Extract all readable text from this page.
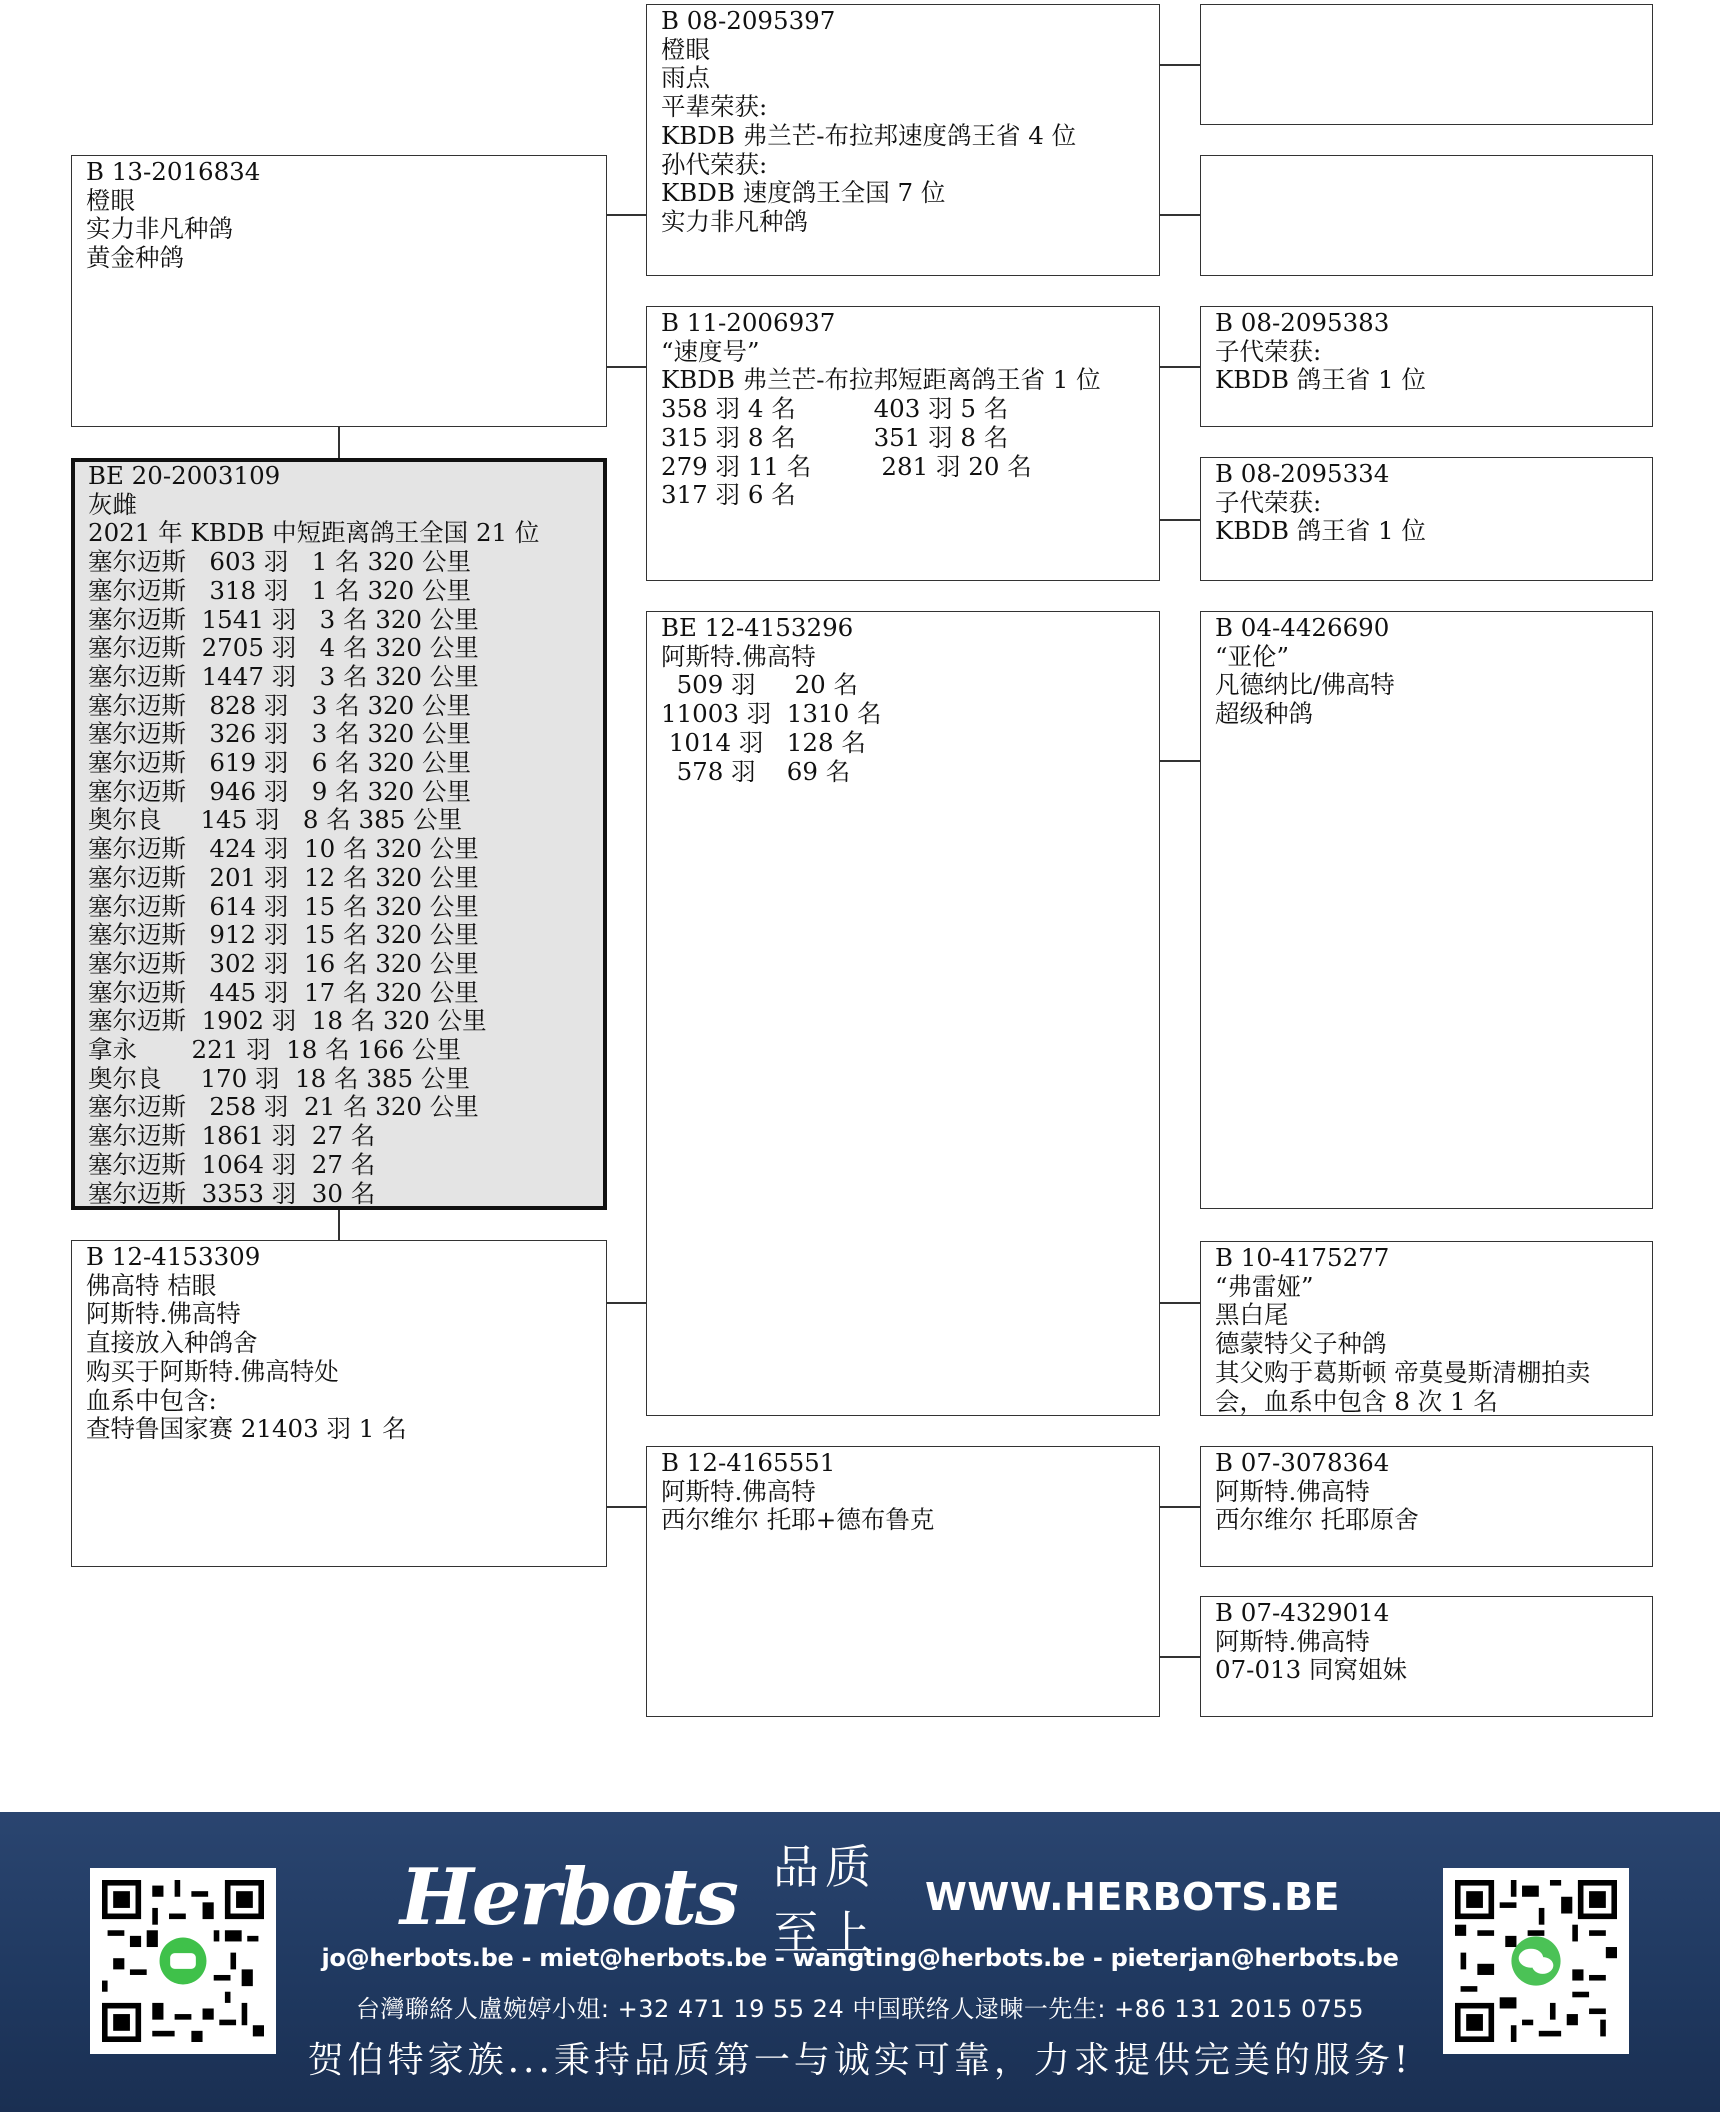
B 13-2016834
橙眼
实力非凡种鸽
黄金种鸽
BE 20-2003109
灰雌
2021 年 KBDB 中短距离鸽王全国 21 位
塞尔迈斯   603 羽   1 名 320 公里
塞尔迈斯   318 羽   1 名 320 公里
塞尔迈斯  1541 羽   3 名 320 公里
塞尔迈斯  2705 羽   4 名 320 公里
塞尔迈斯  1447 羽   3 名 320 公里
塞尔迈斯   828 羽   3 名 320 公里
塞尔迈斯   326 羽   3 名 320 公里
塞尔迈斯   619 羽   6 名 320 公里
塞尔迈斯   946 羽   9 名 320 公里
奥尔良     145 羽   8 名 385 公里
塞尔迈斯   424 羽  10 名 320 公里
塞尔迈斯   201 羽  12 名 320 公里
塞尔迈斯   614 羽  15 名 320 公里
塞尔迈斯   912 羽  15 名 320 公里
塞尔迈斯   302 羽  16 名 320 公里
塞尔迈斯   445 羽  17 名 320 公里
塞尔迈斯  1902 羽  18 名 320 公里
拿永       221 羽  18 名 166 公里
奥尔良     170 羽  18 名 385 公里
塞尔迈斯   258 羽  21 名 320 公里
塞尔迈斯  1861 羽  27 名
塞尔迈斯  1064 羽  27 名
塞尔迈斯  3353 羽  30 名
B 12-4153309
佛高特 桔眼
阿斯特.佛高特
直接放入种鸽舍
购买于阿斯特.佛高特处
血系中包含:
查特鲁国家赛 21403 羽 1 名
B 08-2095397
橙眼
雨点
平辈荣获:
KBDB 弗兰芒-布拉邦速度鸽王省 4 位
孙代荣获:
KBDB 速度鸽王全国 7 位
实力非凡种鸽
B 11-2006937
“速度号”
KBDB 弗兰芒-布拉邦短距离鸽王省 1 位
358 羽 4 名          403 羽 5 名
315 羽 8 名          351 羽 8 名
279 羽 11 名         281 羽 20 名
317 羽 6 名
BE 12-4153296
阿斯特.佛高特
509 羽     20 名
11003 羽  1310 名
1014 羽   128 名
578 羽    69 名
B 12-4165551
阿斯特.佛高特
西尔维尔 托耶+德布鲁克
B 08-2095383
子代荣获:
KBDB 鸽王省 1 位
B 08-2095334
子代荣获:
KBDB 鸽王省 1 位
B 04-4426690
“亚伦”
凡德纳比/佛高特
超级种鸽
B 10-4175277
“弗雷娅”
黑白尾
德蒙特父子种鸽
其父购于葛斯顿 帝莫曼斯清棚拍卖
会，血系中包含 8 次 1 名
B 07-3078364
阿斯特.佛高特
西尔维尔 托耶原舍
B 07-4329014
阿斯特.佛高特
07-013 同窝姐妹
Herbots 品质至上
WWW.HERBOTS.BE
jo@herbots.be - miet@herbots.be - wangting@herbots.be - pieterjan@herbots.be
台灣聯絡人盧婉婷小姐: +32 471 19 55 24 中国联络人逯暕一先生: +86 131 2015 0755
贺伯特家族...秉持品质第一与诚实可靠，力求提供完美的服务!
